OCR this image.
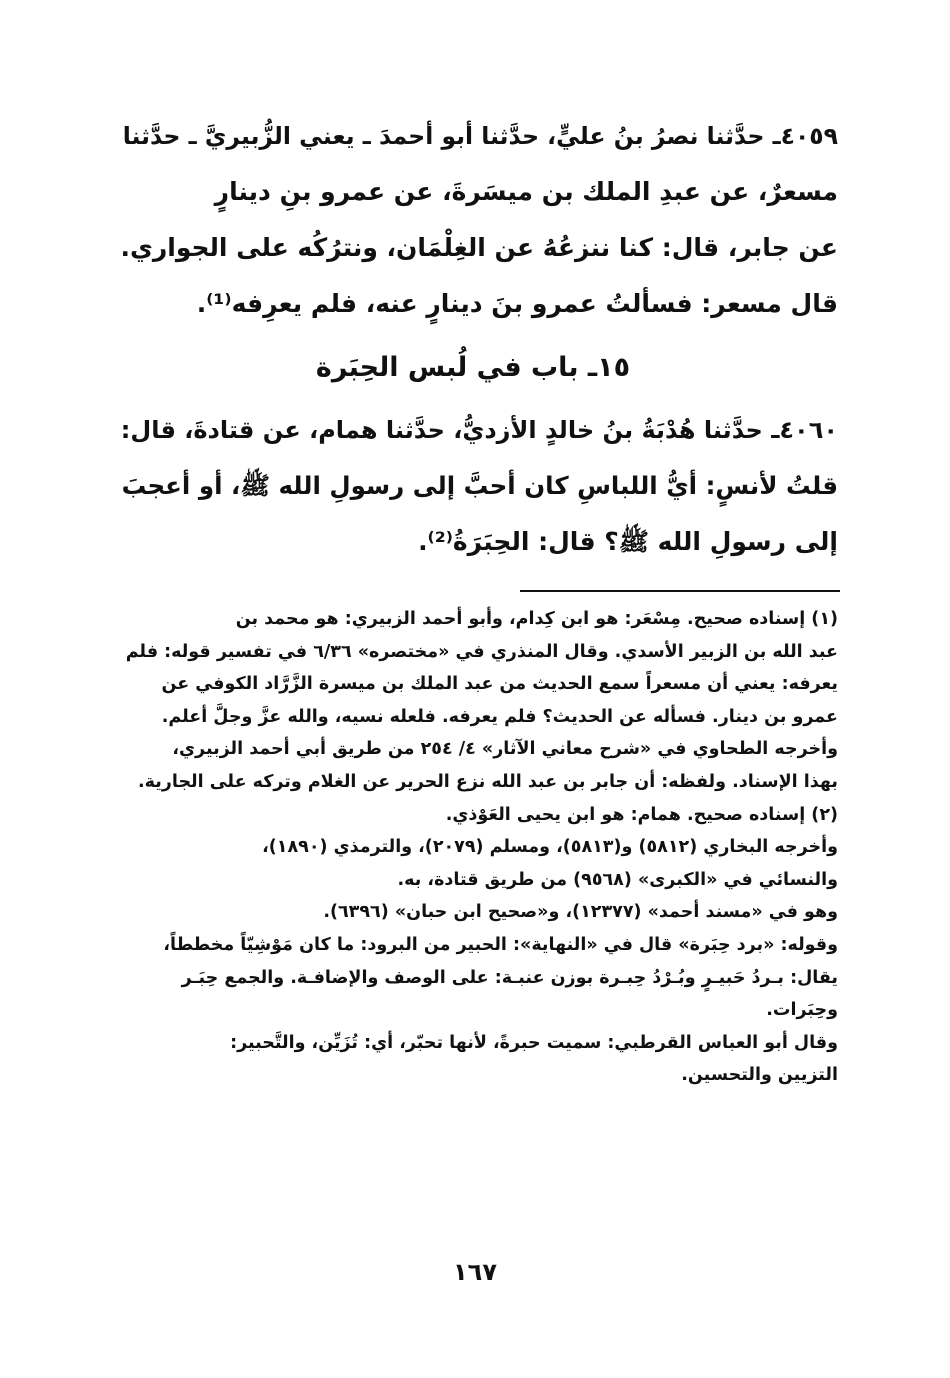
٤٠٥٩ـ حدَّثنا نصرُ بنُ عليٍّ، حدَّثنا أبو أحمدَ ـ يعني الزُّبيريَّ ـ حدَّثنا

مسعرٌ، عن عبدِ الملك بن ميسَرةَ، عن عمرو بنِ دينارٍ

عن جابر، قال: كنا ننزعُهُ عن الغِلْمَان، ونترُكُه على الجواري.

قال مسعر: فسألتُ عمرو بنَ دينارٍ عنه، فلم يعرِفه⁽¹⁾.

١٥ـ باب في لُبس الحِبَرة

٤٠٦٠ـ حدَّثنا هُدْبَةُ بنُ خالدٍ الأزديُّ، حدَّثنا همام، عن قتادةَ، قال:

قلتُ لأنسٍ: أيُّ اللباسِ كان أحبَّ إلى رسولِ الله ﷺ، أو أعجبَ

إلى رسولِ الله ﷺ؟ قال: الحِبَرَةُ⁽²⁾.

(١) إسناده صحيح. مِسْعَر: هو ابن كِدام، وأبو أحمد الزبيري: هو محمد بن

عبد الله بن الزبير الأسدي. وقال المنذري في «مختصره» ٦/٣٦ في تفسير قوله: فلم

يعرفه: يعني أن مسعراً سمع الحديث من عبد الملك بن ميسرة الزَّرَّاد الكوفي عن

عمرو بن دينار. فسأله عن الحديث؟ فلم يعرفه. فلعله نسيه، والله عزَّ وجلَّ أعلم.

وأخرجه الطحاوي في «شرح معاني الآثار» ٤/ ٢٥٤ من طريق أبي أحمد الزبيري،

بهذا الإسناد. ولفظه: أن جابر بن عبد الله نزع الحرير عن الغلام وتركه على الجارية.

(٢) إسناده صحيح. همام: هو ابن يحيى العَوْذي.

وأخرجه البخاري (٥٨١٢) و(٥٨١٣)، ومسلم (٢٠٧٩)، والترمذي (١٨٩٠)،

والنسائي في «الكبرى» (٩٥٦٨) من طريق قتادة، به.

وهو في «مسند أحمد» (١٢٣٧٧)، و«صحيح ابن حبان» (٦٣٩٦).

وقوله: «برد حِبَرة» قال في «النهاية»: الحبير من البرود: ما كان مَوْشِيّاً مخططاً،

يقال: بـردُ حَبيـرٍ وبُـرْدُ حِبـرة بوزن عنبـة: على الوصف والإضافـة. والجمع حِبَـر

وحِبَرات.

وقال أبو العباس القرطبي: سميت حبرةً، لأنها تحبّر، أي: تُزَيِّن، والتَّحبير:

التزيين والتحسين.

١٦٧
